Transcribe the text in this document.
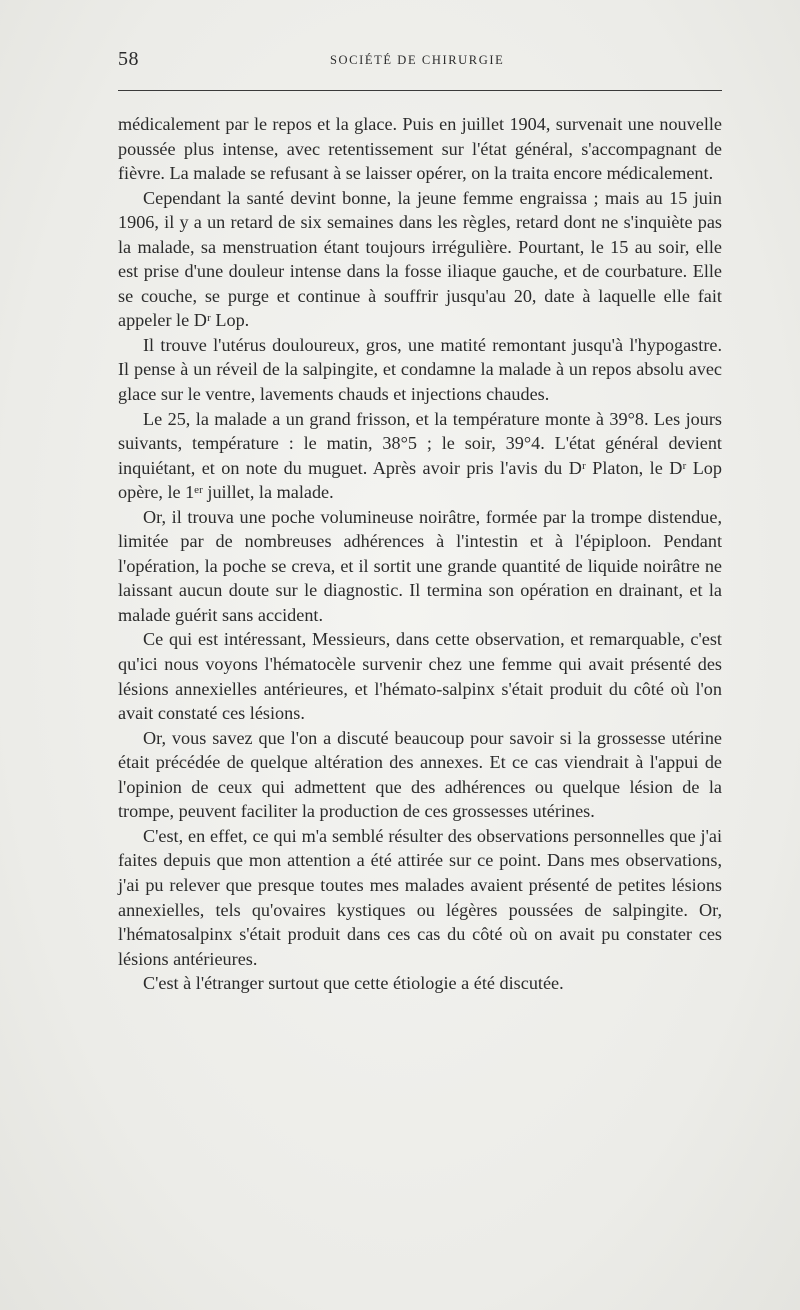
58	SOCIÉTÉ DE CHIRURGIE

médicalement par le repos et la glace. Puis en juillet 1904, survenait une nouvelle poussée plus intense, avec retentissement sur l'état général, s'accompagnant de fièvre. La malade se refusant à se laisser opérer, on la traita encore médicalement.

Cependant la santé devint bonne, la jeune femme engraissa ; mais au 15 juin 1906, il y a un retard de six semaines dans les règles, retard dont ne s'inquiète pas la malade, sa menstruation étant toujours irrégulière. Pourtant, le 15 au soir, elle est prise d'une douleur intense dans la fosse iliaque gauche, et de courbature. Elle se couche, se purge et continue à souffrir jusqu'au 20, date à laquelle elle fait appeler le Dʳ Lop.

Il trouve l'utérus douloureux, gros, une matité remontant jusqu'à l'hypogastre. Il pense à un réveil de la salpingite, et condamne la malade à un repos absolu avec glace sur le ventre, lavements chauds et injections chaudes.

Le 25, la malade a un grand frisson, et la température monte à 39°8. Les jours suivants, température : le matin, 38°5 ; le soir, 39°4. L'état général devient inquiétant, et on note du muguet. Après avoir pris l'avis du Dʳ Platon, le Dʳ Lop opère, le 1ᵉʳ juillet, la malade.

Or, il trouva une poche volumineuse noirâtre, formée par la trompe distendue, limitée par de nombreuses adhérences à l'intestin et à l'épiploon. Pendant l'opération, la poche se creva, et il sortit une grande quantité de liquide noirâtre ne laissant aucun doute sur le diagnostic. Il termina son opération en drainant, et la malade guérit sans accident.

Ce qui est intéressant, Messieurs, dans cette observation, et remarquable, c'est qu'ici nous voyons l'hématocèle survenir chez une femme qui avait présenté des lésions annexielles antérieures, et l'hémato-salpinx s'était produit du côté où l'on avait constaté ces lésions.

Or, vous savez que l'on a discuté beaucoup pour savoir si la grossesse utérine était précédée de quelque altération des annexes. Et ce cas viendrait à l'appui de l'opinion de ceux qui admettent que des adhérences ou quelque lésion de la trompe, peuvent faciliter la production de ces grossesses utérines.

C'est, en effet, ce qui m'a semblé résulter des observations personnelles que j'ai faites depuis que mon attention a été attirée sur ce point. Dans mes observations, j'ai pu relever que presque toutes mes malades avaient présenté de petites lésions annexielles, tels qu'ovaires kystiques ou légères poussées de salpingite. Or, l'hématosalpinx s'était produit dans ces cas du côté où on avait pu constater ces lésions antérieures.

C'est à l'étranger surtout que cette étiologie a été discutée.
